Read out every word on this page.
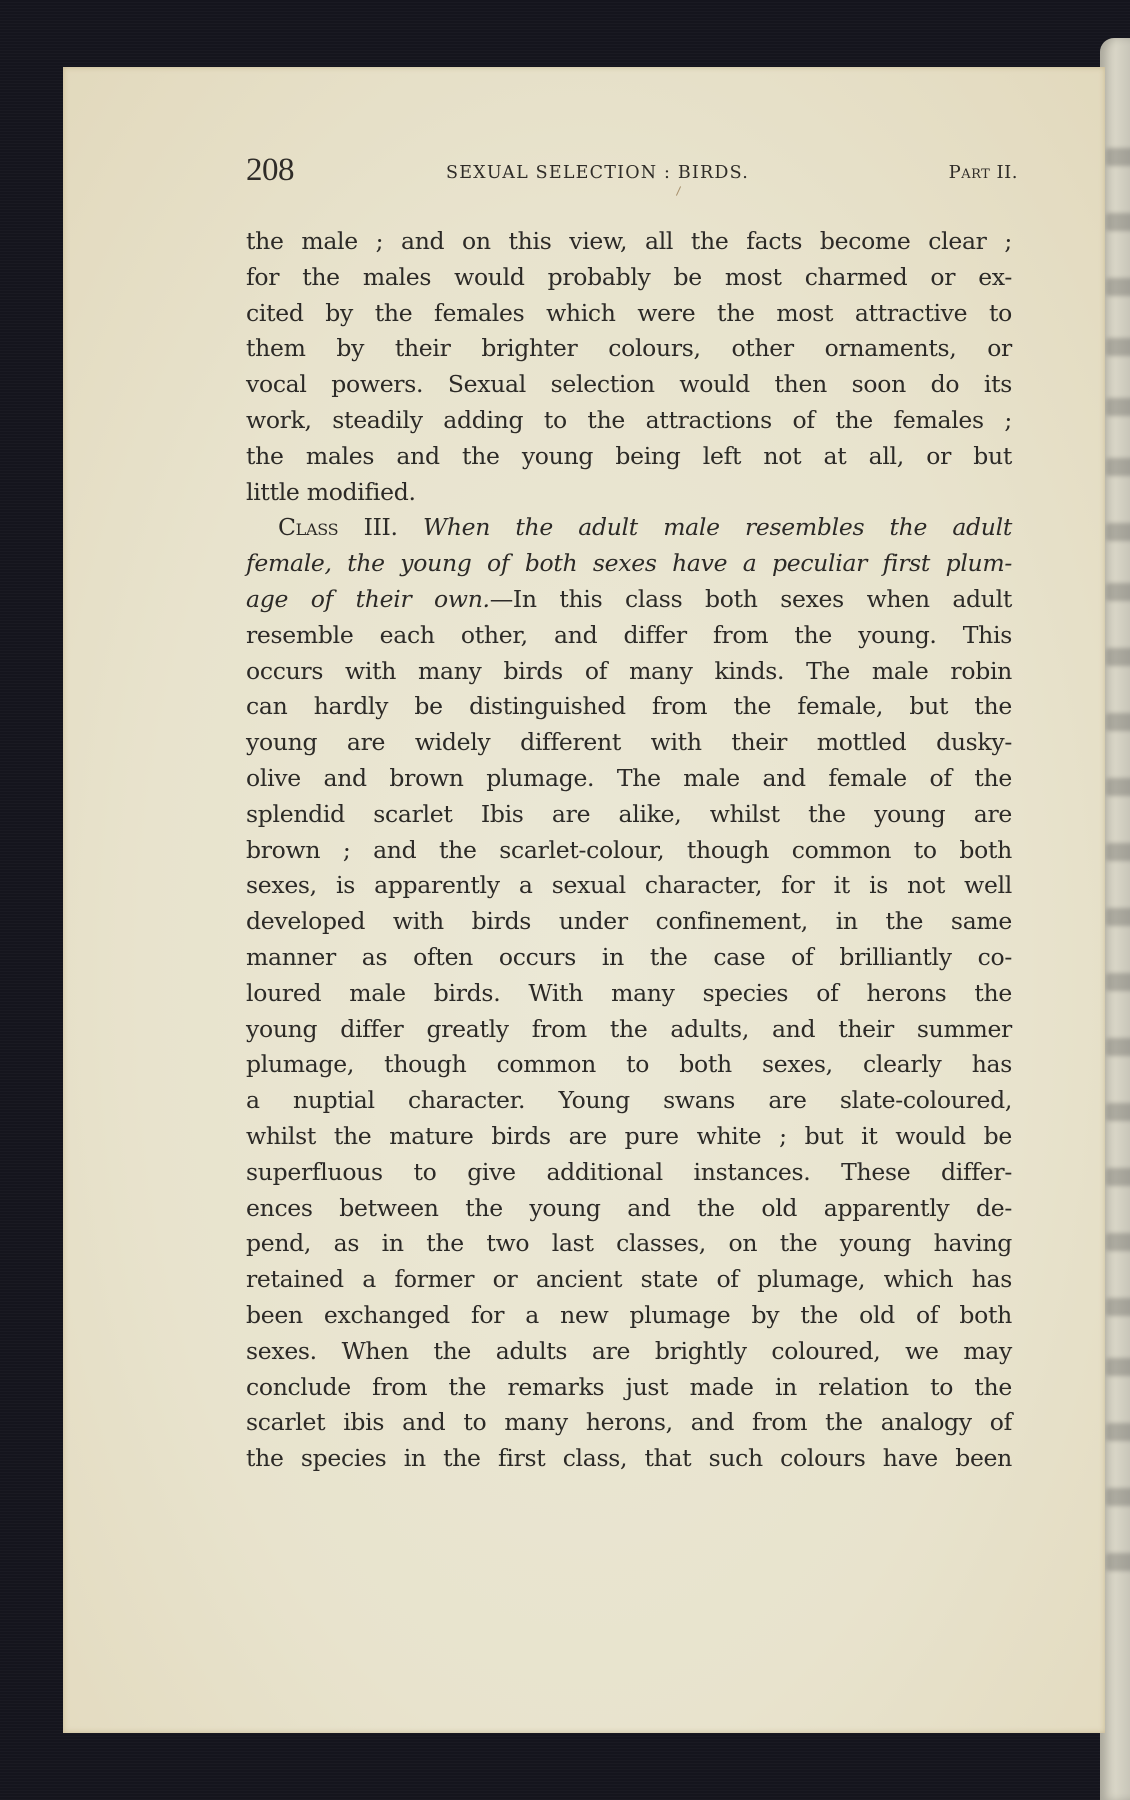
208	SEXUAL SELECTION : BIRDS.	Part II.
the male ; and on this view, all the facts become clear ;
for the males would probably be most charmed or ex-
cited by the females which were the most attractive to
them by their brighter colours, other ornaments, or
vocal powers. Sexual selection would then soon do its
work, steadily adding to the attractions of the females ;
the males and the young being left not at all, or but
little modified.
Class III. When the adult male resembles the adult
female, the young of both sexes have a peculiar first plum-
age of their own.—In this class both sexes when adult
resemble each other, and differ from the young. This
occurs with many birds of many kinds. The male robin
can hardly be distinguished from the female, but the
young are widely different with their mottled dusky-
olive and brown plumage. The male and female of the
splendid scarlet Ibis are alike, whilst the young are
brown ; and the scarlet-colour, though common to both
sexes, is apparently a sexual character, for it is not well
developed with birds under confinement, in the same
manner as often occurs in the case of brilliantly co-
loured male birds. With many species of herons the
young differ greatly from the adults, and their summer
plumage, though common to both sexes, clearly has
a nuptial character. Young swans are slate-coloured,
whilst the mature birds are pure white ; but it would be
superfluous to give additional instances. These differ-
ences between the young and the old apparently de-
pend, as in the two last classes, on the young having
retained a former or ancient state of plumage, which has
been exchanged for a new plumage by the old of both
sexes. When the adults are brightly coloured, we may
conclude from the remarks just made in relation to the
scarlet ibis and to many herons, and from the analogy of
the species in the first class, that such colours have been
